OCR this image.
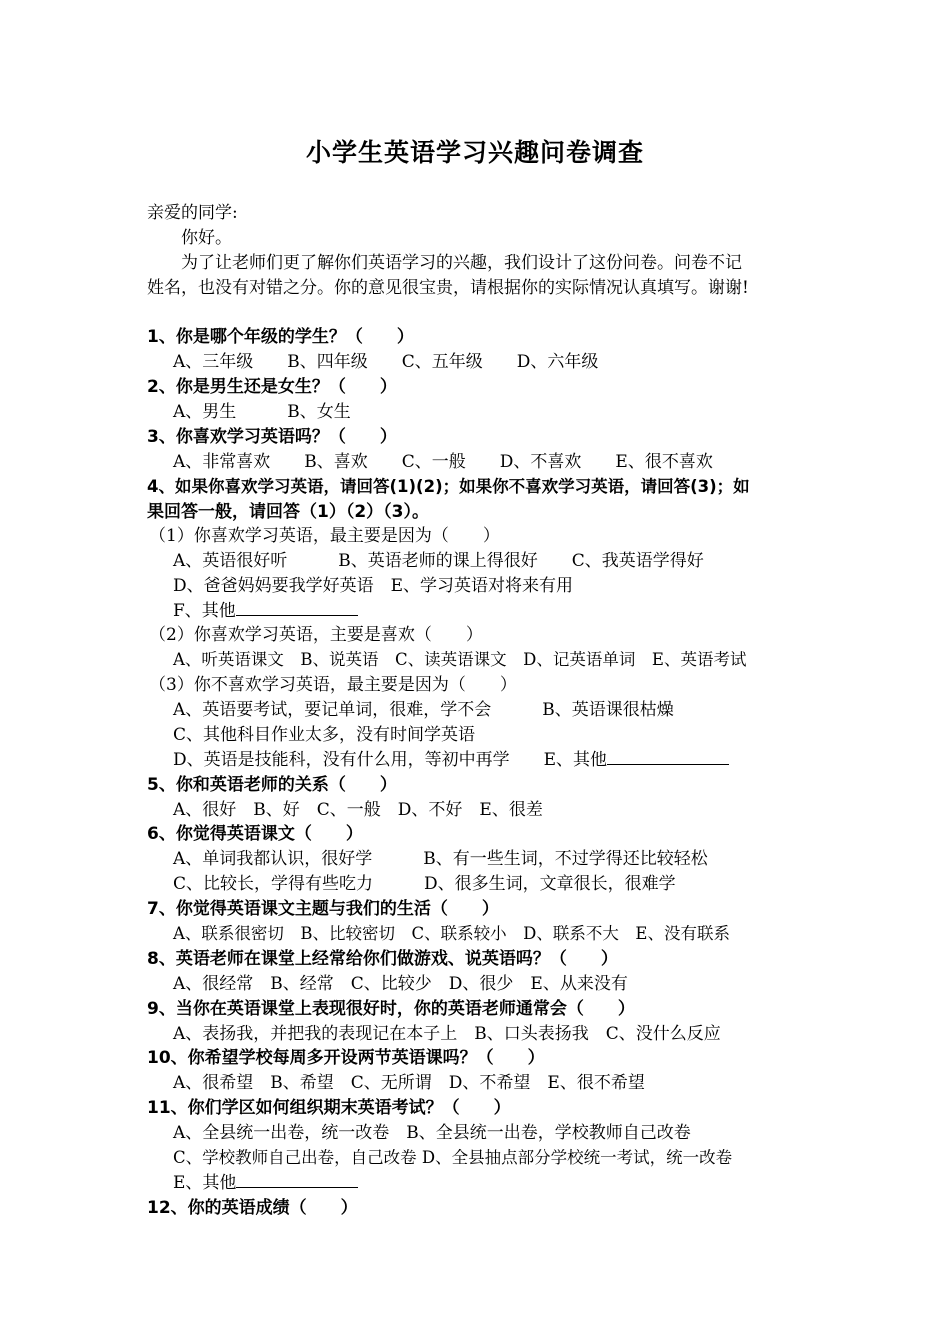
小学生英语学习兴趣问卷调查
亲爱的同学:
你好。
为了让老师们更了解你们英语学习的兴趣，我们设计了这份问卷。问卷不记
姓名，也没有对错之分。你的意见很宝贵，请根据你的实际情况认真填写。谢谢!
1、你是哪个年级的学生？（　　）
A、三年级　　B、四年级　　C、五年级　　D、六年级
2、你是男生还是女生？（　　）
A、男生　　　B、女生
3、你喜欢学习英语吗？（　　）
A、非常喜欢　　B、喜欢　　C、一般　　D、不喜欢　　E、很不喜欢
4、如果你喜欢学习英语，请回答(1)(2)；如果你不喜欢学习英语，请回答(3)；如
果回答一般，请回答（1）（2）（3）。
（1）你喜欢学习英语，最主要是因为（　　）
A、英语很好听　　　B、英语老师的课上得很好　　C、我英语学得好
D、爸爸妈妈要我学好英语　E、学习英语对将来有用
F、其他
（2）你喜欢学习英语，主要是喜欢（　　）
A、听英语课文　B、说英语　C、读英语课文　D、记英语单词　E、英语考试
（3）你不喜欢学习英语，最主要是因为（　　）
A、英语要考试，要记单词，很难，学不会　　　B、英语课很枯燥
C、其他科目作业太多，没有时间学英语
D、英语是技能科，没有什么用，等初中再学　　E、其他
5、你和英语老师的关系（　　）
A、很好　B、好　C、一般　D、不好　E、很差
6、你觉得英语课文（　　）
A、单词我都认识，很好学　　　B、有一些生词，不过学得还比较轻松
C、比较长，学得有些吃力　　　D、很多生词，文章很长，很难学
7、你觉得英语课文主题与我们的生活（　　）
A、联系很密切　B、比较密切　C、联系较小　D、联系不大　E、没有联系
8、英语老师在课堂上经常给你们做游戏、说英语吗？（　　）
A、很经常　B、经常　C、比较少　D、很少　E、从来没有
9、当你在英语课堂上表现很好时，你的英语老师通常会（　　）
A、表扬我，并把我的表现记在本子上　B、口头表扬我　C、没什么反应
10、你希望学校每周多开设两节英语课吗？（　　）
A、很希望　B、希望　C、无所谓　D、不希望　E、很不希望
11、你们学区如何组织期末英语考试？（　　）
A、全县统一出卷，统一改卷　B、全县统一出卷，学校教师自己改卷
C、学校教师自己出卷，自己改卷 D、全县抽点部分学校统一考试，统一改卷
E、其他
12、你的英语成绩（　　）
